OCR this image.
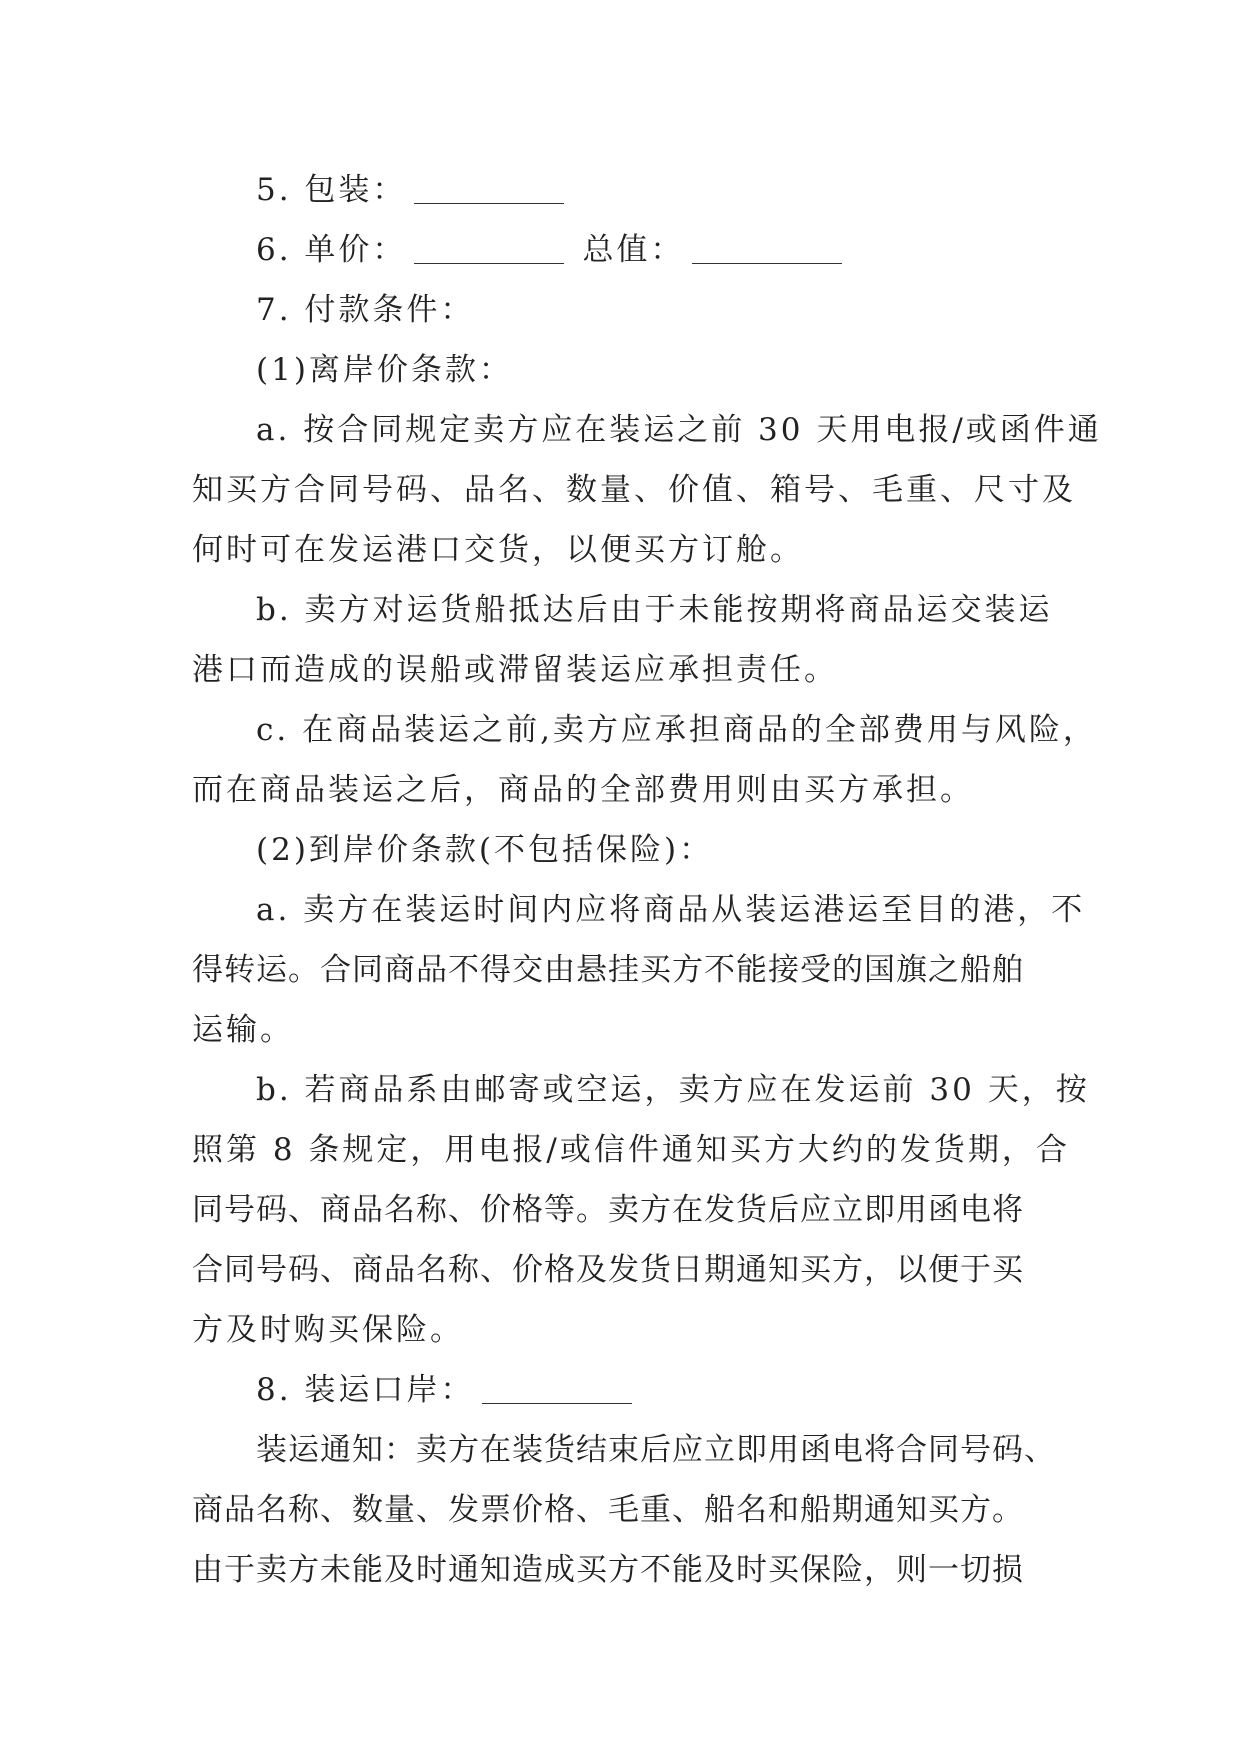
5. 包装：
6. 单价：	总值：
7. 付款条件：
(1)离岸价条款：
a. 按合同规定卖方应在装运之前 30 天用电报/或函件通
知买方合同号码、品名、数量、价值、箱号、毛重、尺寸及
何时可在发运港口交货，以便买方订舱。
b. 卖方对运货船抵达后由于未能按期将商品运交装运
港口而造成的误船或滞留装运应承担责任。
c. 在商品装运之前,卖方应承担商品的全部费用与风险，
而在商品装运之后，商品的全部费用则由买方承担。
(2)到岸价条款(不包括保险)：
a. 卖方在装运时间内应将商品从装运港运至目的港，不
得转运。合同商品不得交由悬挂买方不能接受的国旗之船舶
运输。
b. 若商品系由邮寄或空运，卖方应在发运前 30 天，按
照第 8 条规定，用电报/或信件通知买方大约的发货期，合
同号码、商品名称、价格等。卖方在发货后应立即用函电将
合同号码、商品名称、价格及发货日期通知买方，以便于买
方及时购买保险。
8. 装运口岸：
装运通知：卖方在装货结束后应立即用函电将合同号码、
商品名称、数量、发票价格、毛重、船名和船期通知买方。
由于卖方未能及时通知造成买方不能及时买保险，则一切损
